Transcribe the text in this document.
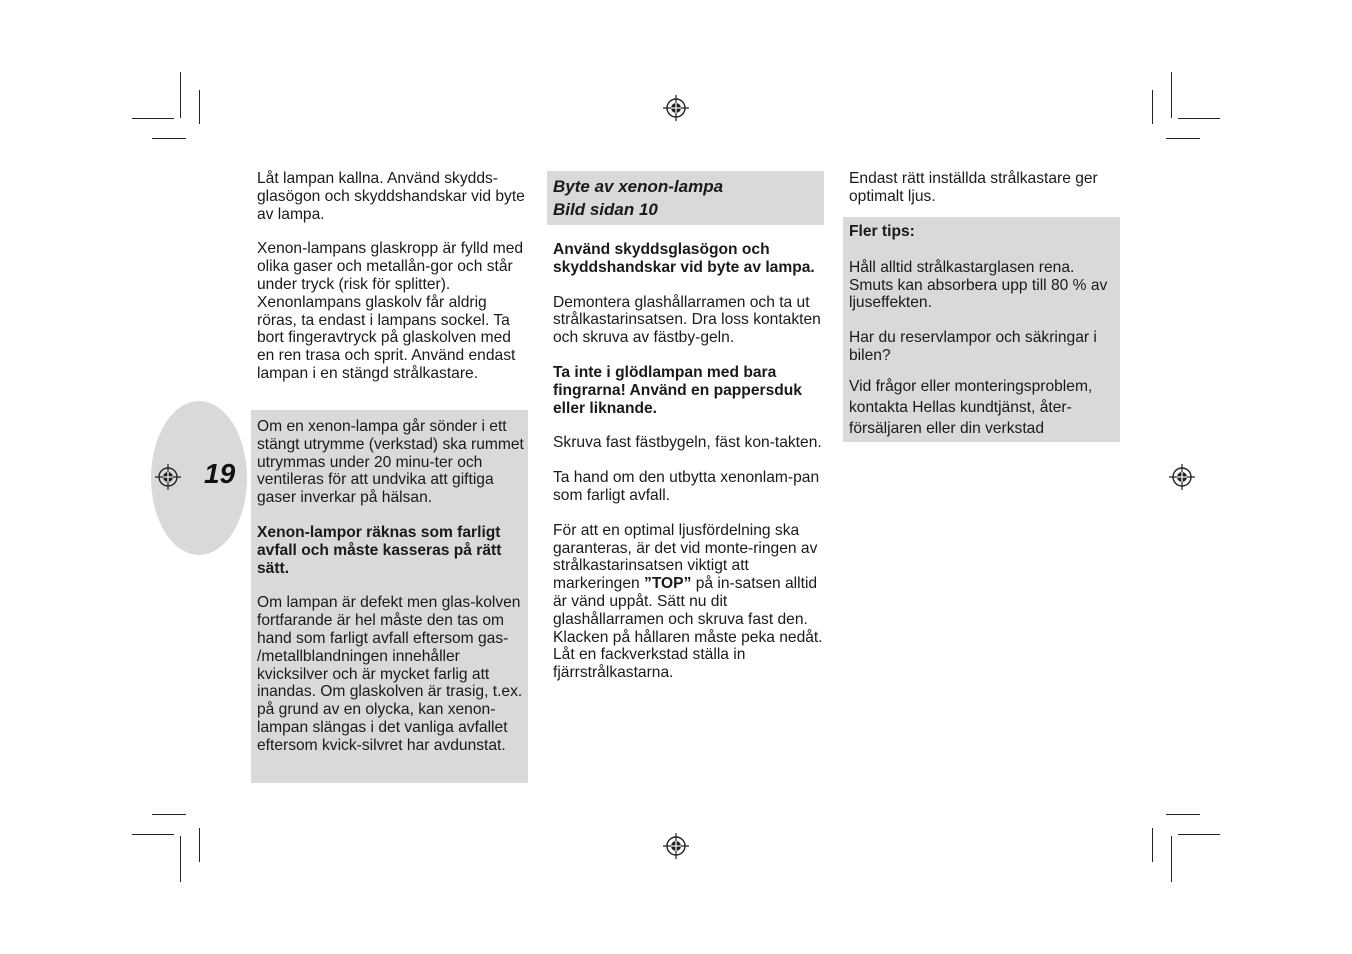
19

Låt lampan kallna. Använd skydds-glasögon och skyddshandskar vid byte av lampa.

Xenon-lampans glaskropp är fylld med olika gaser och metallån-gor och står under tryck (risk för splitter). Xenonlampans glaskolv får aldrig röras, ta endast i lampans sockel. Ta bort fingeravtryck på glaskolven med en ren trasa och sprit. Använd endast lampan i en stängd strålkastare.

Om en xenon-lampa går sönder i ett stängt utrymme (verkstad) ska rummet utrymmas under 20 minu-ter och ventileras för att undvika att giftiga gaser inverkar på hälsan.

Xenon-lampor räknas som farligt avfall och måste kasseras på rätt sätt.

Om lampan är defekt men glas-kolven fortfarande är hel måste den tas om hand som farligt avfall eftersom gas- /metallblandningen innehåller kvicksilver och är mycket farlig att inandas. Om glaskolven är trasig, t.ex. på grund av en olycka, kan xenon-lampan slängas i det vanliga avfallet eftersom kvick-silvret har avdunstat.

Byte av xenon-lampa
Bild sidan 10

Använd skyddsglasögon och skyddshandskar vid byte av lampa.

Demontera glashållarramen och ta ut strålkastarinsatsen. Dra loss kontakten och skruva av fästby-geln.

Ta inte i glödlampan med bara fingrarna! Använd en pappersduk eller liknande.

Skruva fast fästbygeln, fäst kon-takten.

Ta hand om den utbytta xenonlam-pan som farligt avfall.

För att en optimal ljusfördelning ska garanteras, är det vid monte-ringen av strålkastarinsatsen viktigt att markeringen ”TOP” på in-satsen alltid är vänd uppåt. Sätt nu dit glashållarramen och skruva fast den. Klacken på hållaren måste peka nedåt. Låt en fackverkstad ställa in fjärrstrålkastarna.

Endast rätt inställda strålkastare ger optimalt ljus.

Fler tips:

Håll alltid strålkastarglasen rena. Smuts kan absorbera upp till 80 % av ljuseffekten.

Har du reservlampor och säkringar i bilen?

Vid frågor eller monteringsproblem, kontakta Hellas kundtjänst, åter-försäljaren eller din verkstad
